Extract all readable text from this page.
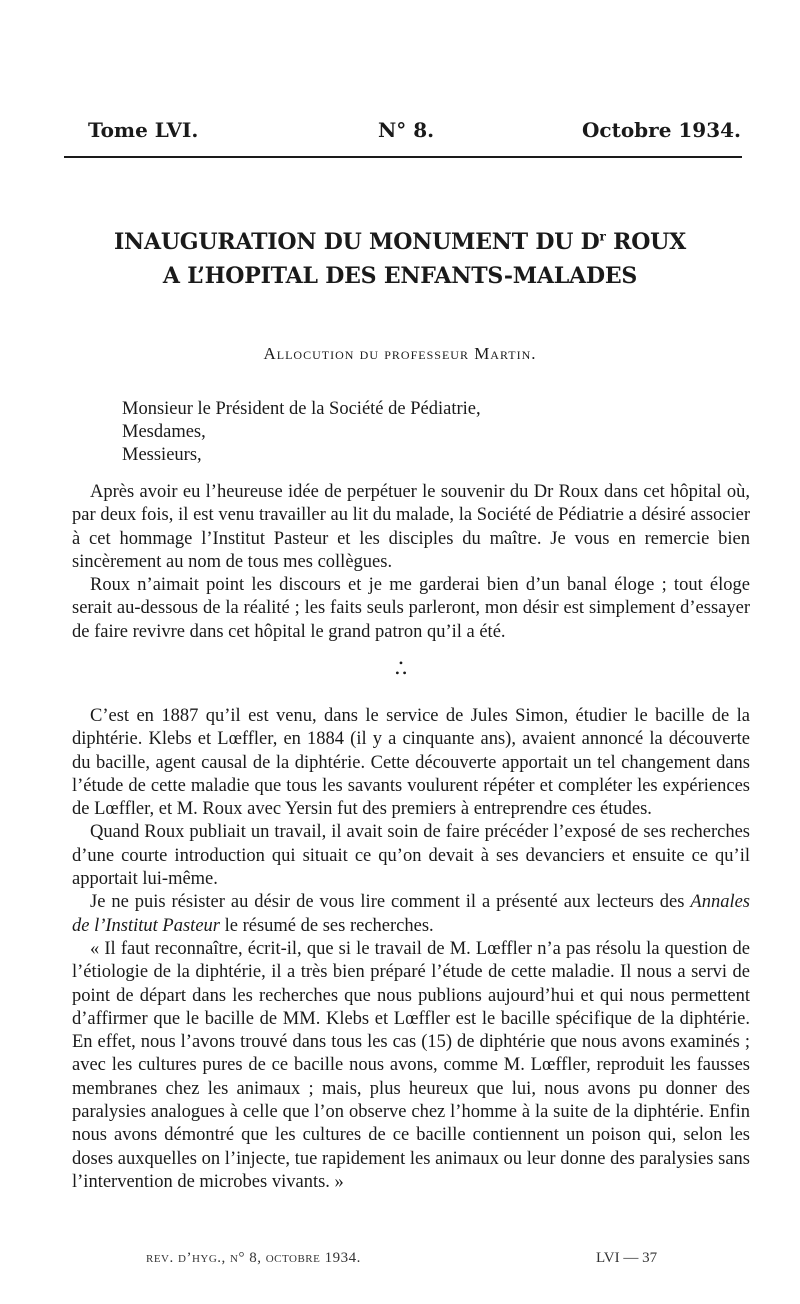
Tome LVI.	N° 8.	Octobre 1934.
INAUGURATION DU MONUMENT DU $D^r$ ROUX
A L’HOPITAL DES ENFANTS-MALADES
Allocution du professeur Martin.
Monsieur le Président de la Société de Pédiatrie,
Mesdames,
Messieurs,

Après avoir eu l’heureuse idée de perpétuer le souvenir du Dr Roux dans cet hôpital où, par deux fois, il est venu travailler au lit du malade, la Société de Pédiatrie a désiré associer à cet hommage l’Institut Pasteur et les disciples du maître. Je vous en remercie bien sincèrement au nom de tous mes collègues.

Roux n’aimait point les discours et je me garderai bien d’un banal éloge ; tout éloge serait au-dessous de la réalité ; les faits seuls parleront, mon désir est simplement d’essayer de faire revivre dans cet hôpital le grand patron qu’il a été.

•
• •

C’est en 1887 qu’il est venu, dans le service de Jules Simon, étudier le bacille de la diphtérie. Klebs et Lœffler, en 1884 (il y a cinquante ans), avaient annoncé la découverte du bacille, agent causal de la diphtérie. Cette découverte apportait un tel changement dans l’étude de cette maladie que tous les savants voulurent répéter et compléter les expériences de Lœffler, et M. Roux avec Yersin fut des premiers à entreprendre ces études.

Quand Roux publiait un travail, il avait soin de faire précéder l’exposé de ses recherches d’une courte introduction qui situait ce qu’on devait à ses devanciers et ensuite ce qu’il apportait lui-même.

Je ne puis résister au désir de vous lire comment il a présenté aux lecteurs des Annales de l’Institut Pasteur le résumé de ses recherches.

« Il faut reconnaître, écrit-il, que si le travail de M. Lœffler n’a pas résolu la question de l’étiologie de la diphtérie, il a très bien préparé l’étude de cette maladie. Il nous a servi de point de départ dans les recherches que nous publions aujourd’hui et qui nous permettent d’affirmer que le bacille de MM. Klebs et Lœffler est le bacille spécifique de la diphtérie. En effet, nous l’avons trouvé dans tous les cas (15) de diphtérie que nous avons examinés ; avec les cultures pures de ce bacille nous avons, comme M. Lœffler, reproduit les fausses membranes chez les animaux ; mais, plus heureux que lui, nous avons pu donner des paralysies analogues à celle que l’on observe chez l’homme à la suite de la diphtérie. Enfin nous avons démontré que les cultures de ce bacille contiennent un poison qui, selon les doses auxquelles on l’injecte, tue rapidement les animaux ou leur donne des paralysies sans l’intervention de microbes vivants. »

rev. d’hyg., n° 8, octobre 1934.	LVI — 37
